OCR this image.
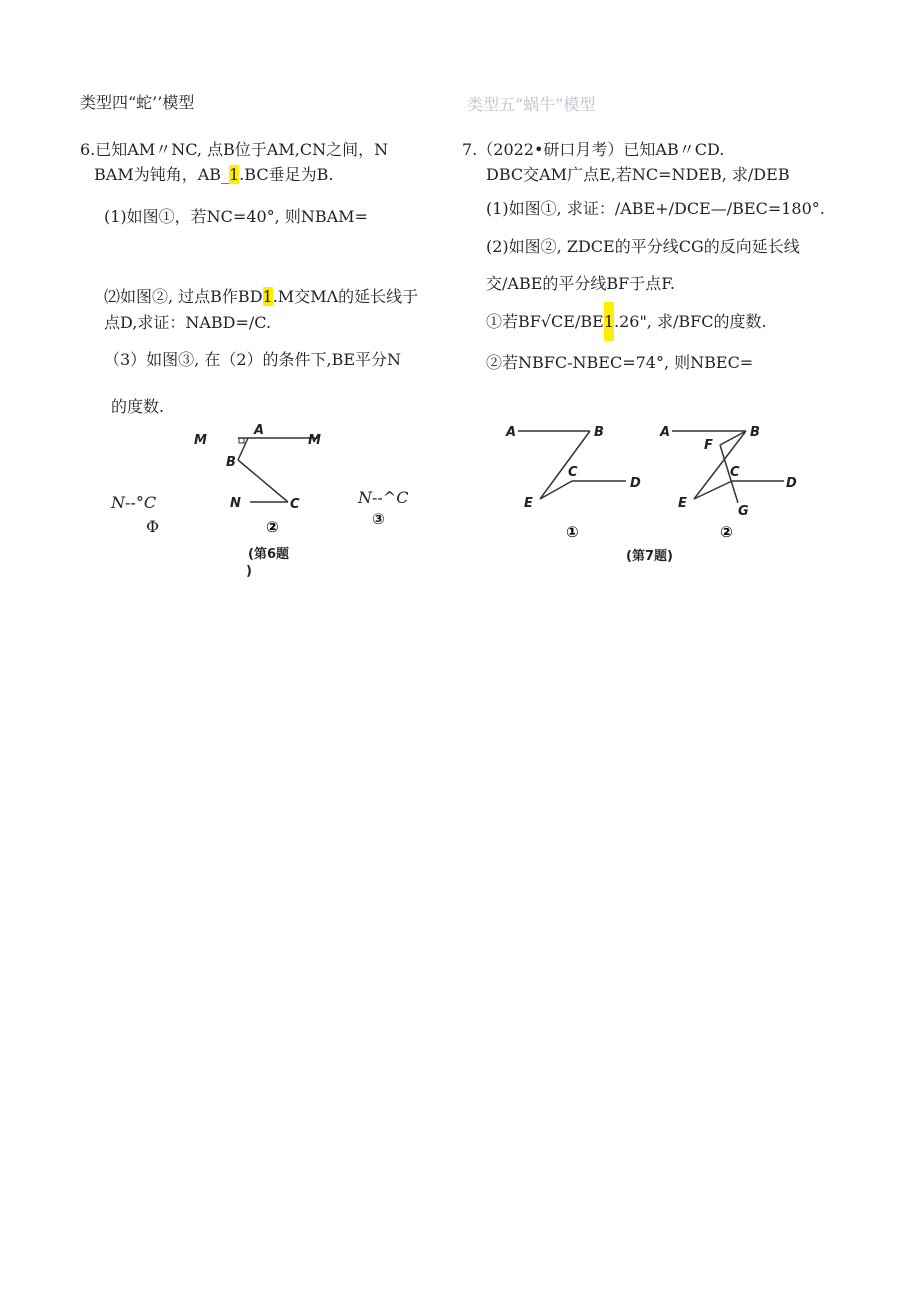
类型四“蛇’’模型
6.已知AM〃NC, 点B位于AM,CN之间，N
BAM为钝角，AB_1.BC垂足为B.
(1)如图①，若NC=40°, 则NBAM=
⑵如图②, 过点B作BD1.M交MΛ的延长线于
点D,求证：NABD=/C.
（3）如图③, 在（2）的条件下,BE平分N
的度数.
N--°C
Φ
N--^C
③
M
A
M
B
N	C
②
(第6题
)
类型五“蜗牛”模型
7.（2022•研口月考）已知AB〃CD.
DBC交AM广点E,若NC=NDEB, 求/DEB
(1)如图①, 求证：/ABE+/DCE—/BEC=180°.
(2)如图②, ZDCE的平分线CG的反向延长线
交/ABE的平分线BF于点F.
①若BF√CE/BE1.26", 求/BFC的度数.
②若NBFC-NBEC=74°, 则NBEC=
A	B
C
D
E
①
A	B
F
C
D
E
G
②
(第7题)
